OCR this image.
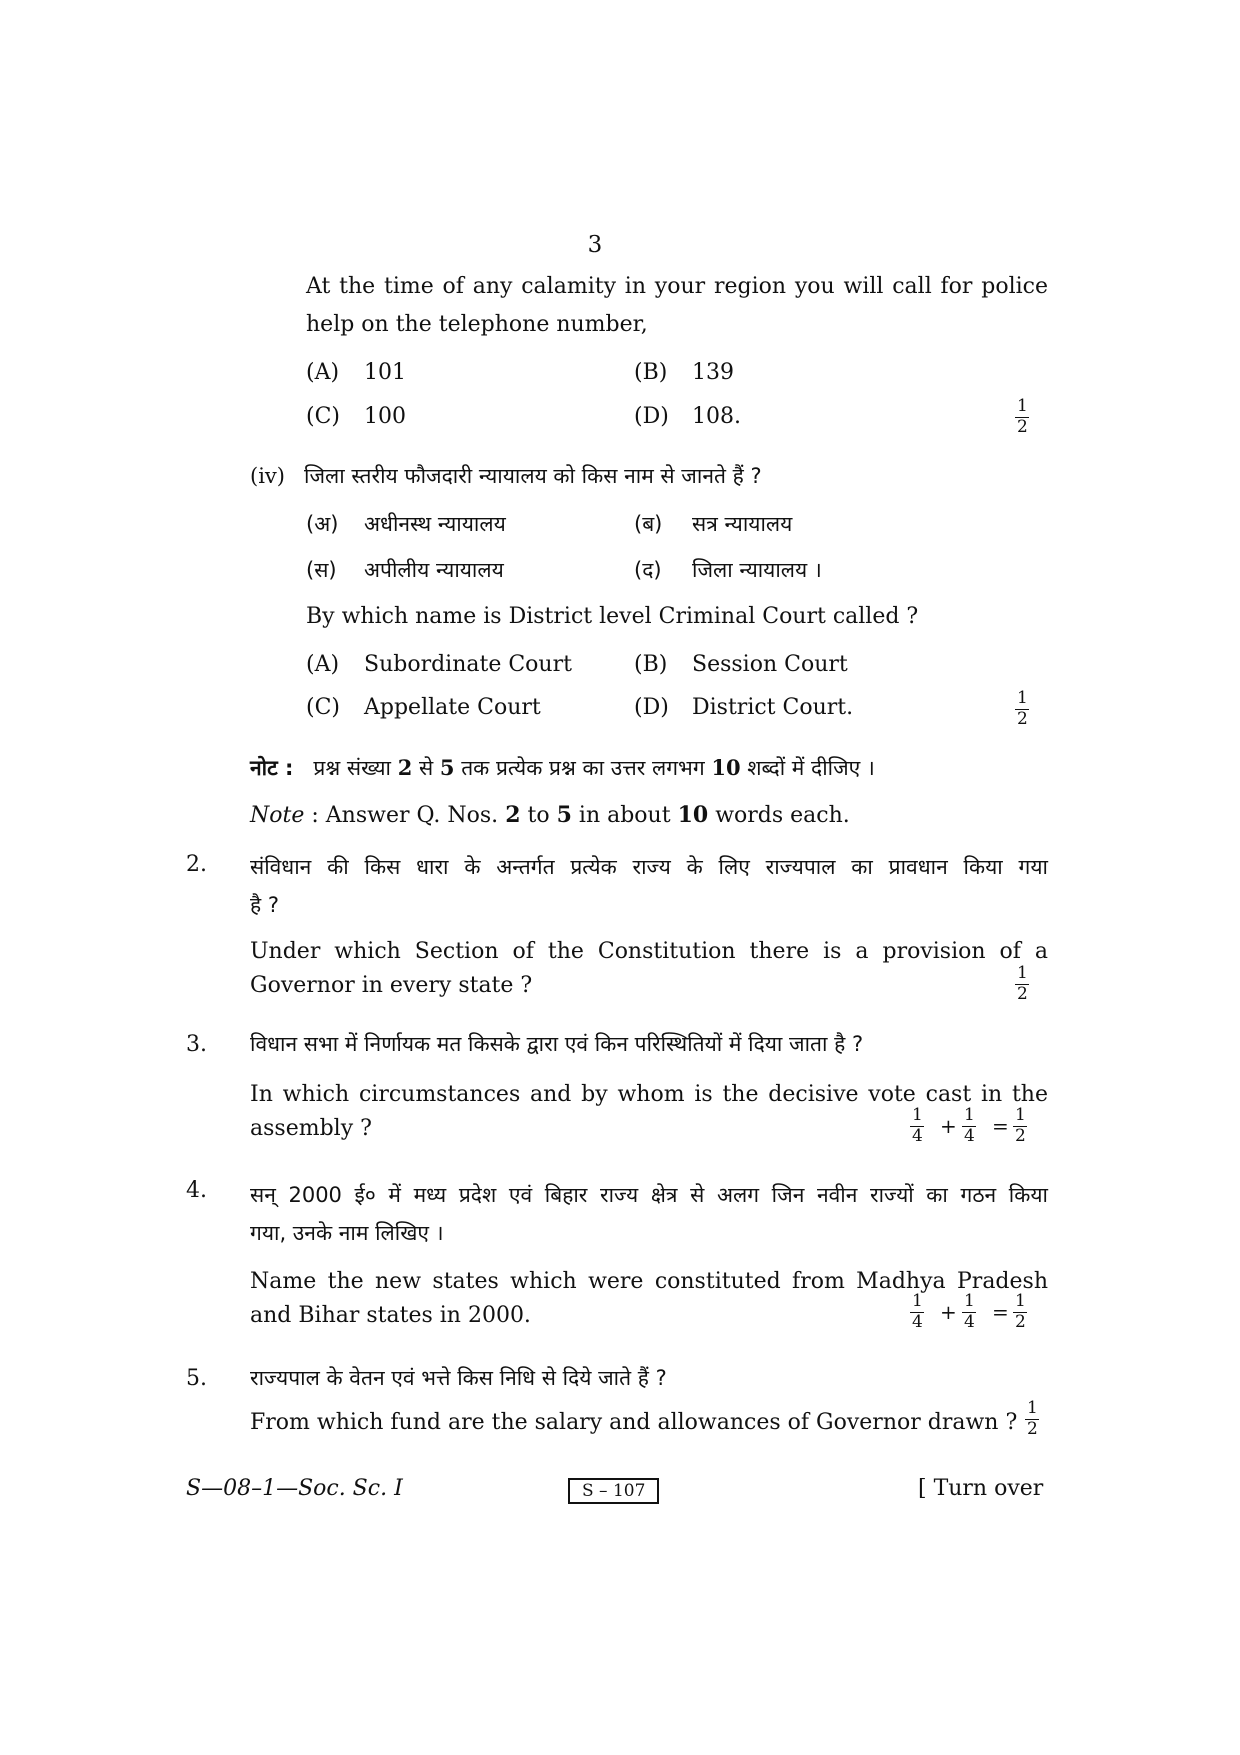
3
At the time of any calamity in your region you will call for police
help on the telephone number,
(A) 101	(B) 139
(C) 100	(D) 108.	1
2
(iv) जिला स्तरीय फौजदारी न्यायालय को किस नाम से जानते हैं ?
(अ) अधीनस्थ न्यायालय	(ब) सत्र न्यायालय
(स) अपीलीय न्यायालय	(द) जिला न्यायालय ।
By which name is District level Criminal Court called ?
(A) Subordinate Court	(B) Session Court
(C) Appellate Court	(D) District Court.	1
2
नोट : प्रश्न संख्या 2 से 5 तक प्रत्येक प्रश्न का उत्तर लगभग 10 शब्दों में दीजिए ।
Note : Answer Q. Nos. 2 to 5 in about 10 words each.
2. संविधान की किस धारा के अन्तर्गत प्रत्येक राज्य के लिए राज्यपाल का प्रावधान किया गया
है ?
Under which Section of the Constitution there is a provision of a
Governor in every state ?	1
2
3. विधान सभा में निर्णायक मत किसके द्वारा एवं किन परिस्थितियों में दिया जाता है ?
In which circumstances and by whom is the decisive vote cast in the
assembly ?
1
4 + 1
4 = 1
2
4. सन् 2000 ई० में मध्य प्रदेश एवं बिहार राज्य क्षेत्र से अलग जिन नवीन राज्यों का गठन किया
गया, उनके नाम लिखिए ।
Name the new states which were constituted from Madhya Pradesh
and Bihar states in 2000.
1
4 + 1
4 = 1
2
5. राज्यपाल के वेतन एवं भत्ते किस निधि से दिये जाते हैं ?
From which fund are the salary and allowances of Governor drawn ?
1
2
S—08–1—Soc. Sc. I	S – 107	[ Turn over
